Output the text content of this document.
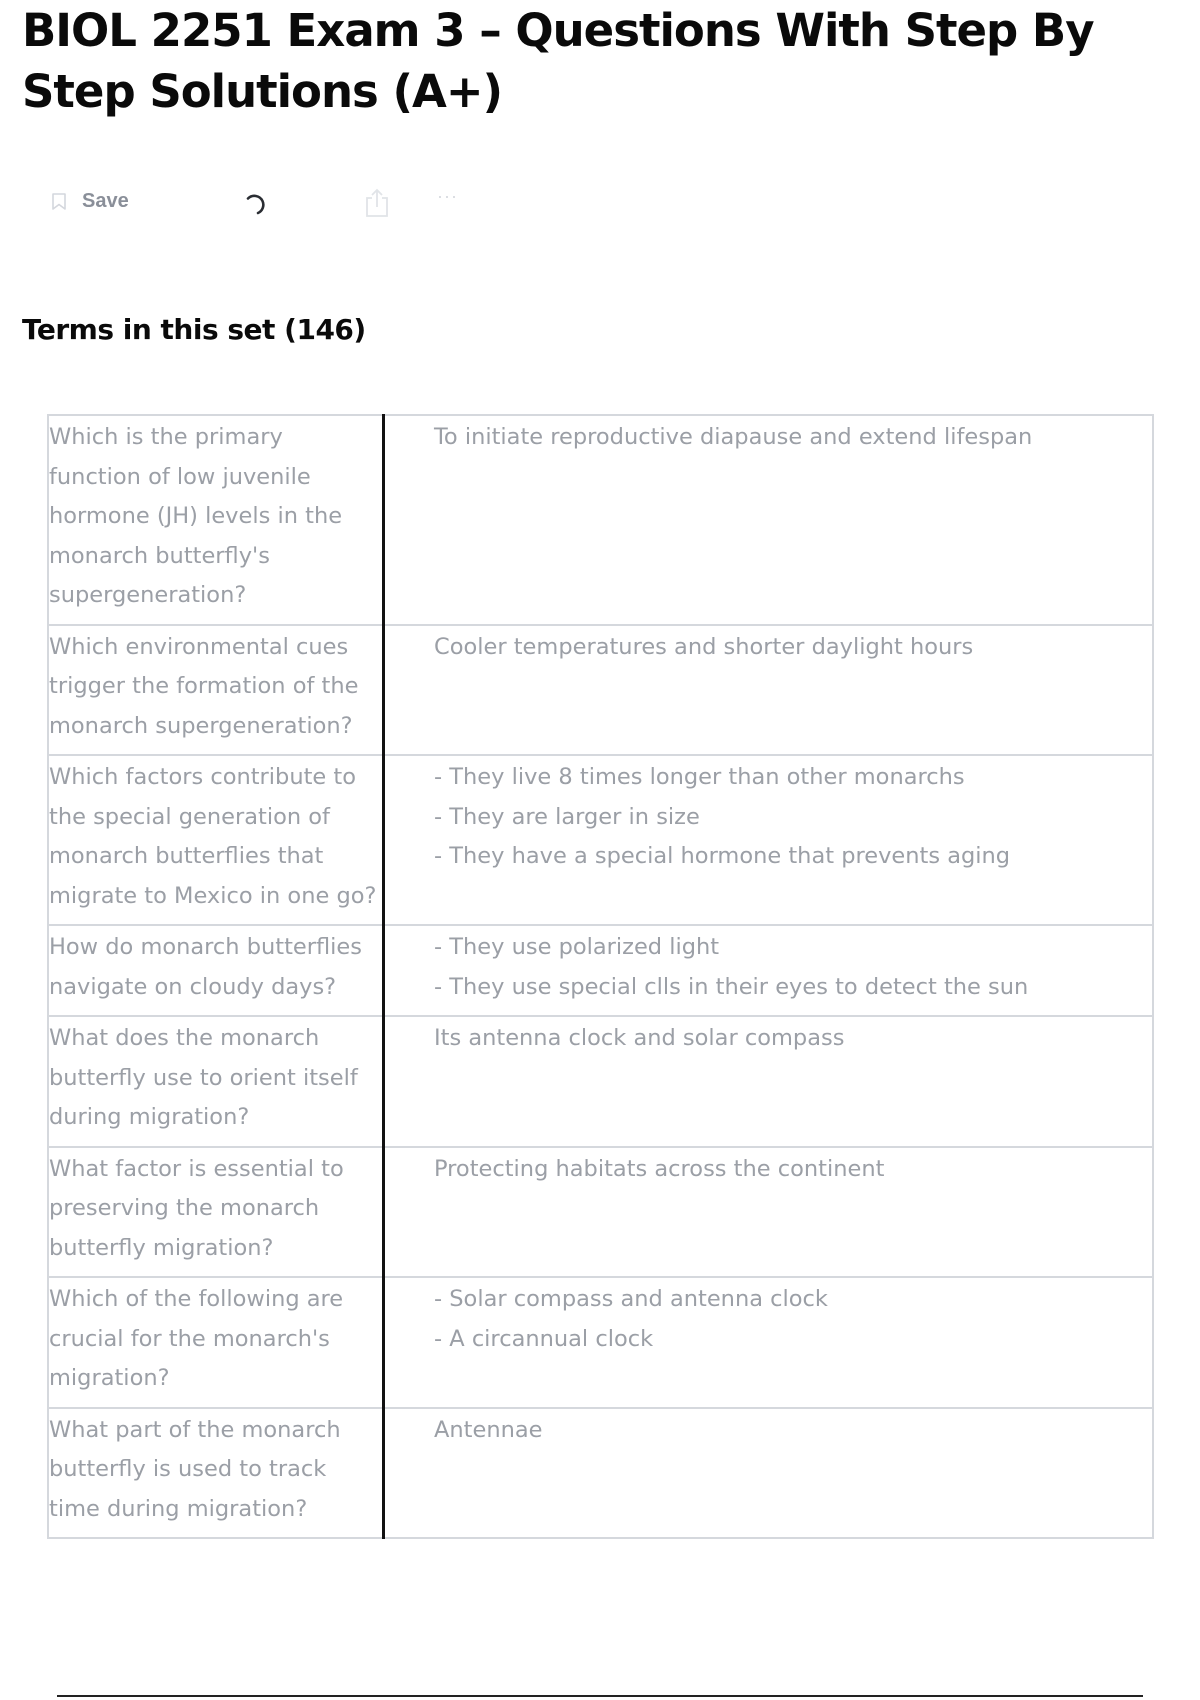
BIOL 2251 Exam 3 – Questions With Step By Step Solutions (A+)
Save	···
Terms in this set (146)
Which is the primary function of low juvenile hormone (JH) levels in the monarch butterfly's supergeneration?	To initiate reproductive diapause and extend lifespan

Which environmental cues trigger the formation of the monarch supergeneration?	Cooler temperatures and shorter daylight hours

Which factors contribute to the special generation of monarch butterflies that migrate to Mexico in one go?	- They live 8 times longer than other monarchs
- They are larger in size
- They have a special hormone that prevents aging

How do monarch butterflies navigate on cloudy days?	- They use polarized light
- They use special clls in their eyes to detect the sun

What does the monarch butterfly use to orient itself during migration?	Its antenna clock and solar compass

What factor is essential to preserving the monarch butterfly migration?	Protecting habitats across the continent

Which of the following are crucial for the monarch's migration?	- Solar compass and antenna clock
- A circannual clock

What part of the monarch butterfly is used to track time during migration?	Antennae
